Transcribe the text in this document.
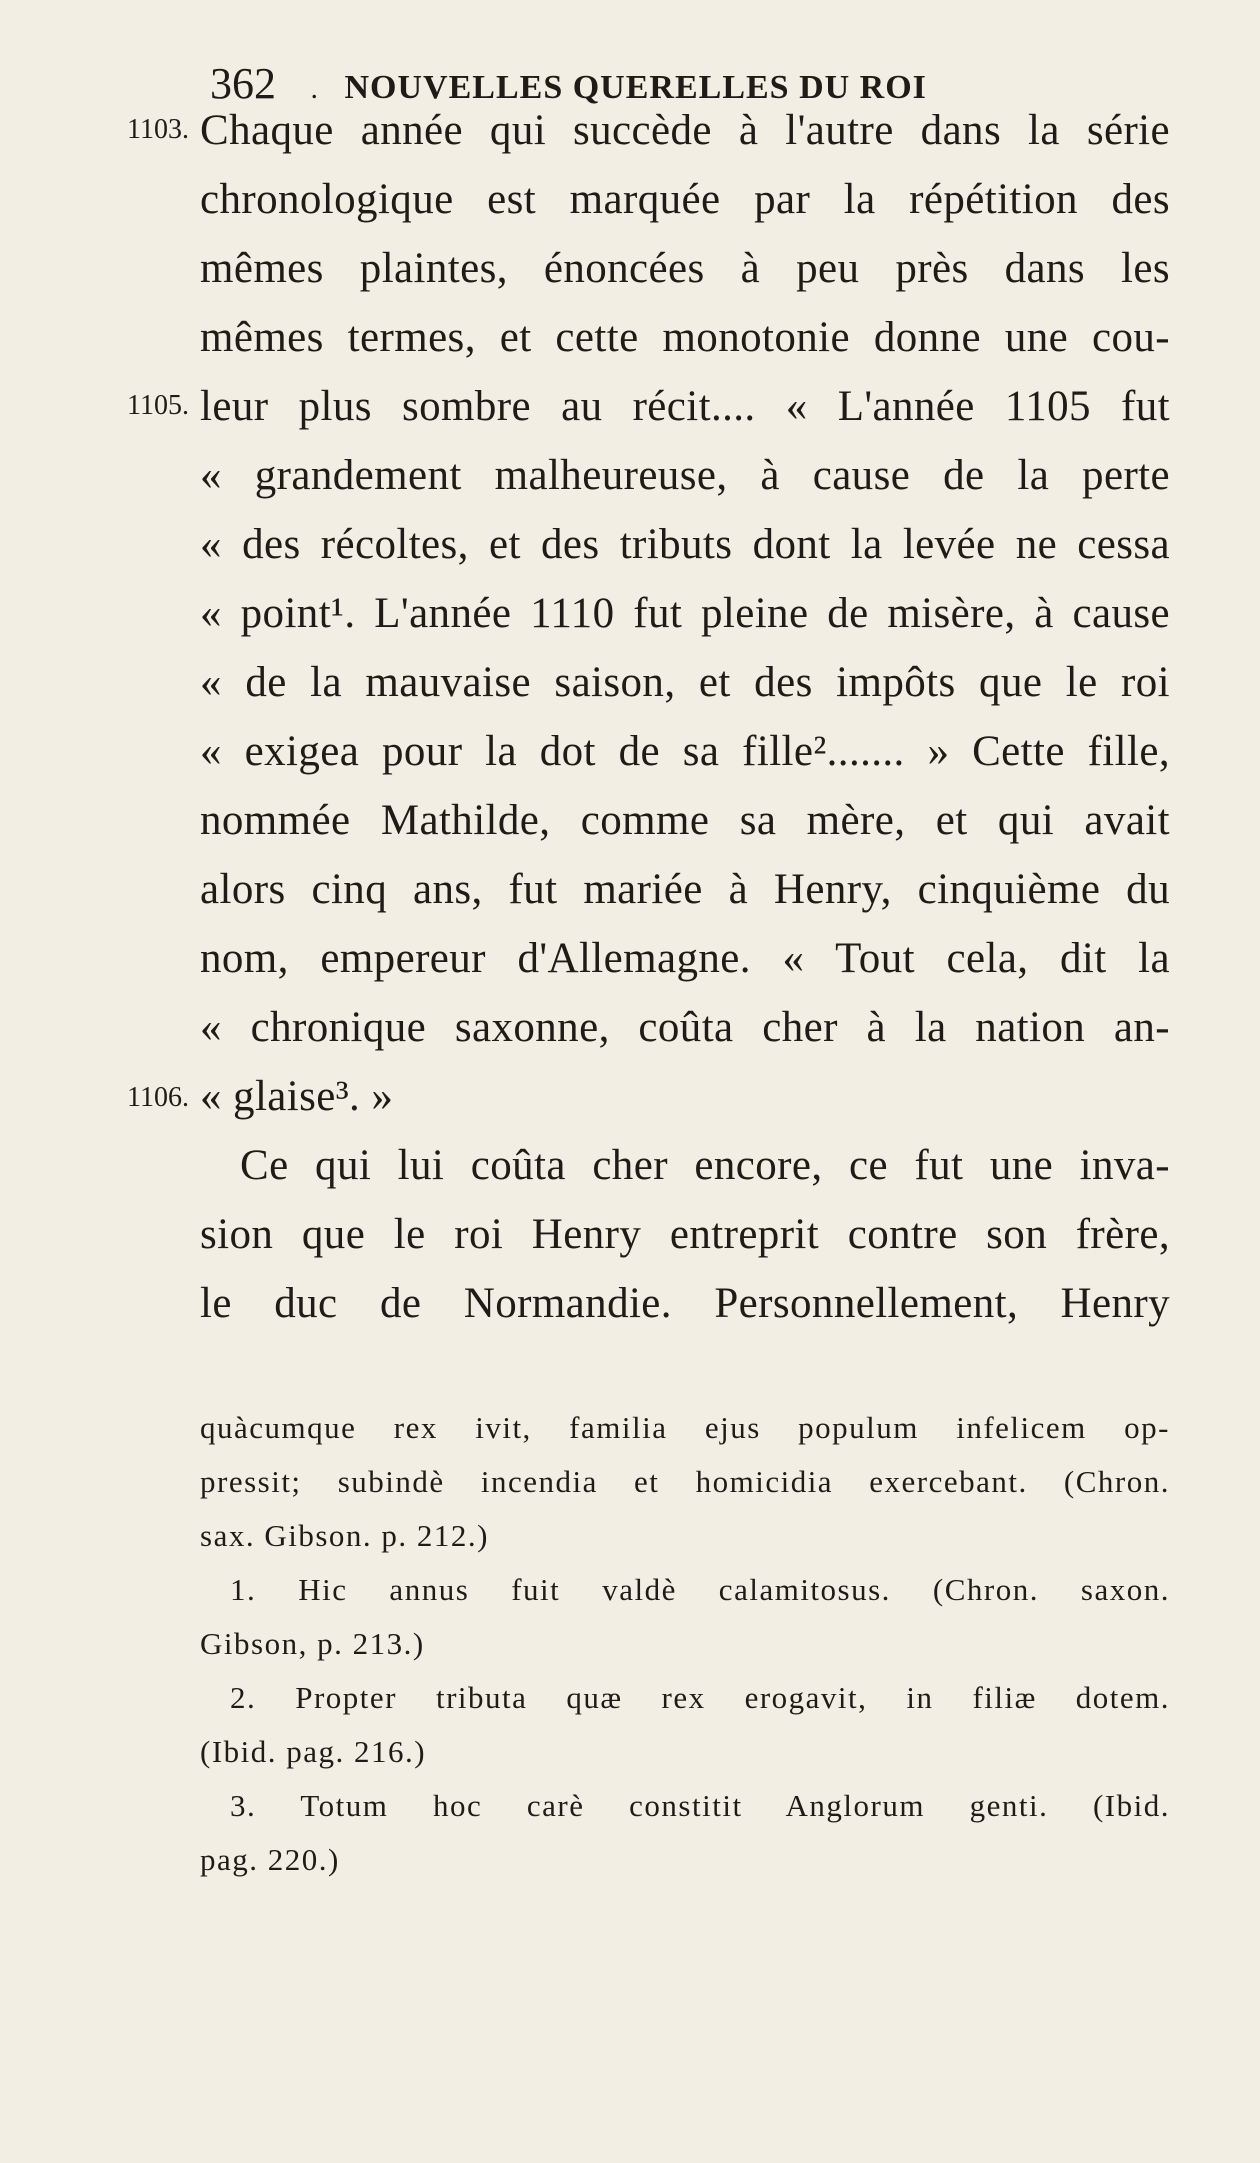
362 . NOUVELLES QUERELLES DU ROI
1103.
1105.
1106.
Chaque année qui succède à l'autre dans la série
chronologique est marquée par la répétition des
mêmes plaintes, énoncées à peu près dans les
mêmes termes, et cette monotonie donne une cou-
leur plus sombre au récit.... « L'année 1105 fut
« grandement malheureuse, à cause de la perte
« des récoltes, et des tributs dont la levée ne cessa
« point¹. L'année 1110 fut pleine de misère, à cause
« de la mauvaise saison, et des impôts que le roi
« exigea pour la dot de sa fille²....... » Cette fille,
nommée Mathilde, comme sa mère, et qui avait
alors cinq ans, fut mariée à Henry, cinquième du
nom, empereur d'Allemagne. « Tout cela, dit la
« chronique saxonne, coûta cher à la nation an-
« glaise³. »
Ce qui lui coûta cher encore, ce fut une inva-
sion que le roi Henry entreprit contre son frère,
le duc de Normandie. Personnellement, Henry
quàcumque rex ivit, familia ejus populum infelicem op-
pressit; subindè incendia et homicidia exercebant. (Chron.
sax. Gibson. p. 212.)
1. Hic annus fuit valdè calamitosus. (Chron. saxon.
Gibson, p. 213.)
2. Propter tributa quæ rex erogavit, in filiæ dotem.
(Ibid. pag. 216.)
3. Totum hoc carè constitit Anglorum genti. (Ibid.
pag. 220.)
